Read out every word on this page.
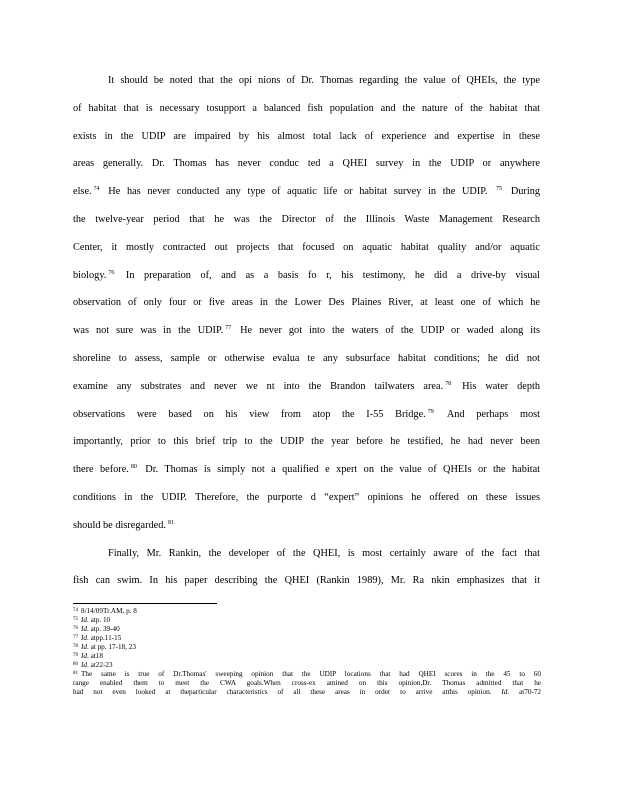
It should be noted that the opi nions of Dr. Thomas regarding the value of QHEIs, the type
of habitat that is necessary tosupport a balanced fish population and the nature of the habitat that
exists in the UDIP are impaired by his almost total lack of experience and expertise in these
areas generally. Dr. Thomas has never conduc ted a QHEI survey in the UDIP or anywhere
else. $^{74}$ He has never conducted any type of aquatic life or habitat survey in the UDIP. $^{75}$ During
the twelve-year period that he was the Director of the Illinois Waste Management Research
Center, it mostly contracted out projects that focused on aquatic habitat quality and/or aquatic
biology. $^{76}$ In preparation of, and as a basis fo r, his testimony, he did a drive-by visual
observation of only four or five areas in the Lower Des Plaines River, at least one of which he
was not sure was in the UDIP. $^{77}$ He never got into the waters of the UDIP or waded along its
shoreline to assess, sample or otherwise evalua te any subsurface habitat conditions; he did not
examine any substrates and never we nt into the Brandon tailwaters area. $^{78}$ His water depth
observations were based on his view from atop the I-55 Bridge. $^{79}$ And perhaps most
importantly, prior to this brief trip to the UDIP the year before he testified, he had never been
there before. $^{80}$ Dr. Thomas is simply not a qualified e xpert on the value of QHEIs or the habitat
conditions in the UDIP. Therefore, the purporte d “expert” opinions he offered on these issues
should be disregarded. $^{81}$
Finally, Mr. Rankin, the developer of the QHEI, is most certainly aware of the fact that
fish can swim. In his paper describing the QHEI (Rankin 1989), Mr. Ra nkin emphasizes that it
$^{74}$ 8/14/09Tr.AM, p. 8
$^{75}$ Id. atp. 10
$^{76}$ Id. atp. 39-40
$^{77}$ Id. atpp.11-15
$^{78}$ Id. at pp. 17-18, 23
$^{79}$ Id. at18
$^{80}$ Id. at22-23
$^{81}$ The same is true of Dr.Thomas' sweeping opinion that the UDIP locations that had QHEI scores in the 45 to 60
range enabled them to meet the CWA goals.When cross-ex amined on this opinion,Dr. Thomas admitted that he
had not even looked at theparticular characteristics of all these areas in order to arrive atthis opinion. Id. at70-72
